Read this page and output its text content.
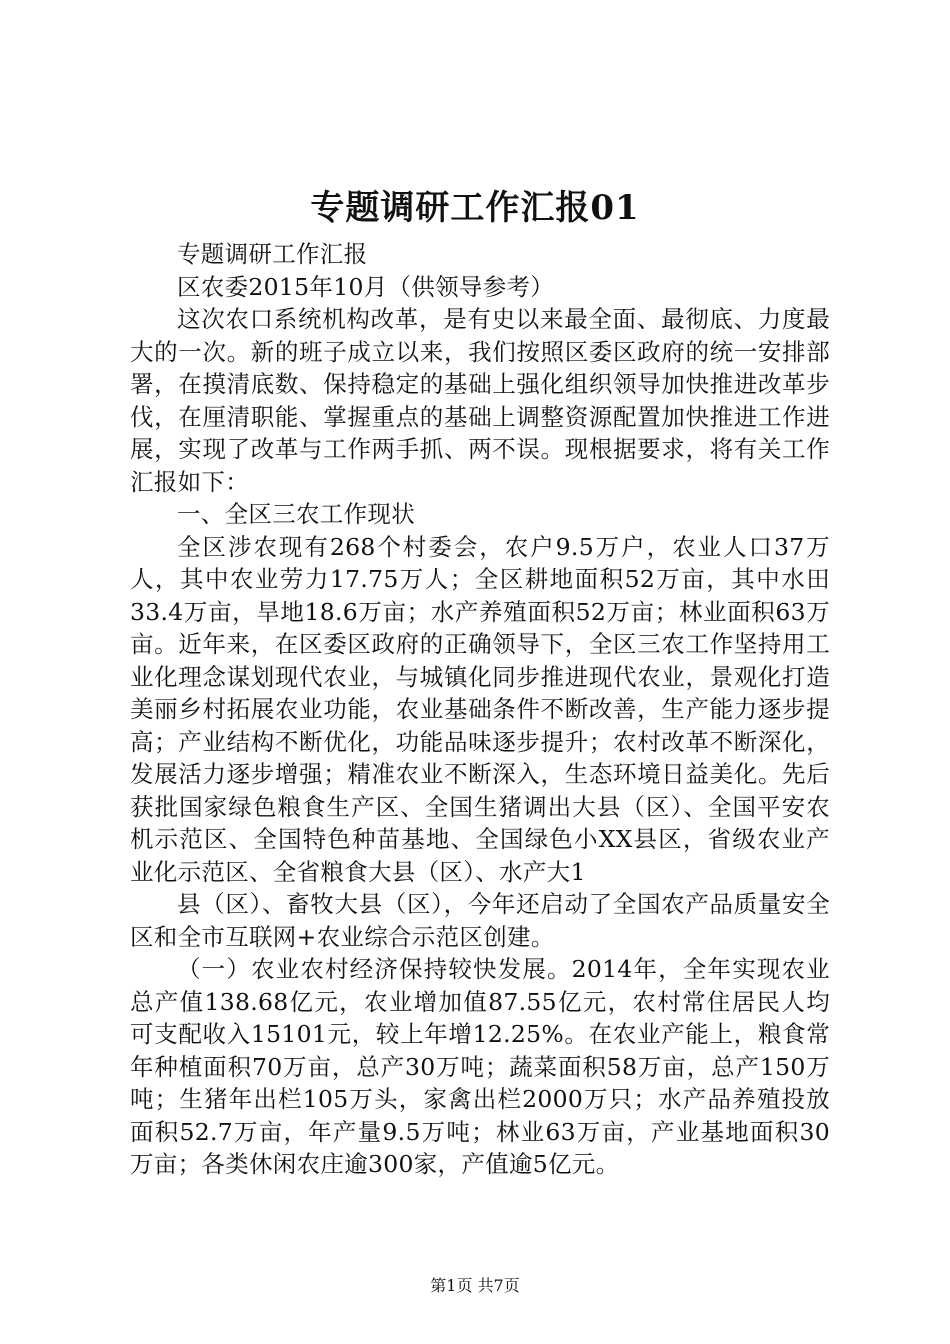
专题调研工作汇报01

专题调研工作汇报

区农委2015年10月（供领导参考）

这次农口系统机构改革，是有史以来最全面、最彻底、力度最大的一次。新的班子成立以来，我们按照区委区政府的统一安排部署，在摸清底数、保持稳定的基础上强化组织领导加快推进改革步伐，在厘清职能、掌握重点的基础上调整资源配置加快推进工作进展，实现了改革与工作两手抓、两不误。现根据要求，将有关工作汇报如下：

一、全区三农工作现状

全区涉农现有268个村委会，农户9.5万户，农业人口37万人，其中农业劳力17.75万人；全区耕地面积52万亩，其中水田33.4万亩，旱地18.6万亩；水产养殖面积52万亩；林业面积63万亩。近年来，在区委区政府的正确领导下，全区三农工作坚持用工业化理念谋划现代农业，与城镇化同步推进现代农业，景观化打造美丽乡村拓展农业功能，农业基础条件不断改善，生产能力逐步提高；产业结构不断优化，功能品味逐步提升；农村改革不断深化，发展活力逐步增强；精准农业不断深入，生态环境日益美化。先后获批国家绿色粮食生产区、全国生猪调出大县（区）、全国平安农机示范区、全国特色种苗基地、全国绿色小XX县区，省级农业产业化示范区、全省粮食大县（区）、水产大1

县（区）、畜牧大县（区），今年还启动了全国农产品质量安全区和全市互联网+农业综合示范区创建。

（一）农业农村经济保持较快发展。2014年，全年实现农业总产值138.68亿元，农业增加值87.55亿元，农村常住居民人均可支配收入15101元，较上年增12.25%。在农业产能上，粮食常年种植面积70万亩，总产30万吨；蔬菜面积58万亩，总产150万吨；生猪年出栏105万头，家禽出栏2000万只；水产品养殖投放面积52.7万亩，年产量9.5万吨；林业63万亩，产业基地面积30万亩；各类休闲农庄逾300家，产值逾5亿元。

第1页 共7页
